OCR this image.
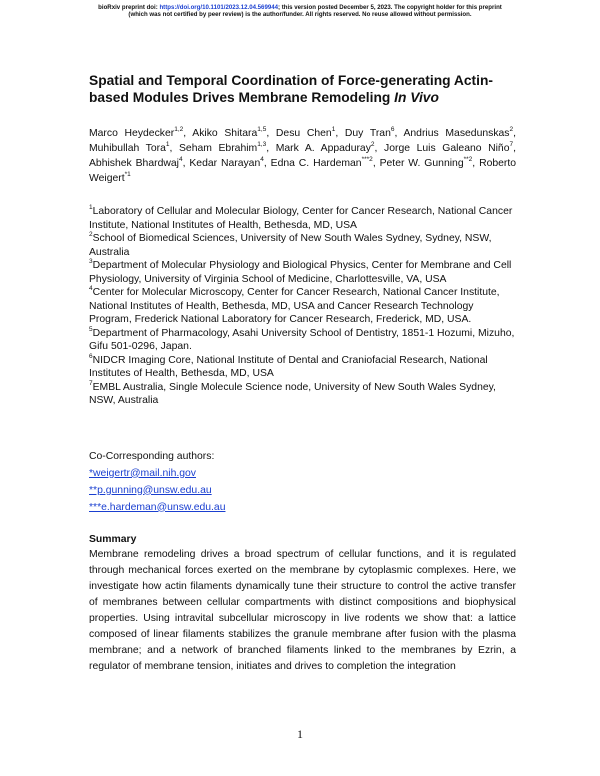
bioRxiv preprint doi: https://doi.org/10.1101/2023.12.04.569944; this version posted December 5, 2023. The copyright holder for this preprint
(which was not certified by peer review) is the author/funder. All rights reserved. No reuse allowed without permission.
Spatial and Temporal Coordination of Force-generating Actin-based Modules Drives Membrane Remodeling In Vivo
Marco Heydecker$^{1,2}$, Akiko Shitara$^{1,5}$, Desu Chen$^1$, Duy Tran$^6$, Andrius Masedunskas$^2$, Muhibullah Tora$^1$, Seham Ebrahim$^{1,3}$, Mark A. Appaduray$^2$, Jorge Luis Galeano Niño$^7$, Abhishek Bhardwaj$^4$, Kedar Narayan$^4$, Edna C. Hardeman$^{***2}$, Peter W. Gunning$^{**2}$, Roberto Weigert$^{*1}$

$^1$Laboratory of Cellular and Molecular Biology, Center for Cancer Research, National Cancer Institute, National Institutes of Health, Bethesda, MD, USA

$^2$School of Biomedical Sciences, University of New South Wales Sydney, Sydney, NSW, Australia

$^3$Department of Molecular Physiology and Biological Physics, Center for Membrane and Cell Physiology, University of Virginia School of Medicine, Charlottesville, VA, USA

$^4$Center for Molecular Microscopy, Center for Cancer Research, National Cancer Institute, National Institutes of Health, Bethesda, MD, USA and Cancer Research Technology Program, Frederick National Laboratory for Cancer Research, Frederick, MD, USA.

$^5$Department of Pharmacology, Asahi University School of Dentistry, 1851-1 Hozumi, Mizuho, Gifu 501-0296, Japan.

$^6$NIDCR Imaging Core, National Institute of Dental and Craniofacial Research, National Institutes of Health, Bethesda, MD, USA

$^7$EMBL Australia, Single Molecule Science node, University of New South Wales Sydney, NSW, Australia

Co-Corresponding authors:
*weigertr@mail.nih.gov
**p.gunning@unsw.edu.au
***e.hardeman@unsw.edu.au
Summary

Membrane remodeling drives a broad spectrum of cellular functions, and it is regulated through mechanical forces exerted on the membrane by cytoplasmic complexes. Here, we investigate how actin filaments dynamically tune their structure to control the active transfer of membranes between cellular compartments with distinct compositions and biophysical properties. Using intravital subcellular microscopy in live rodents we show that: a lattice composed of linear filaments stabilizes the granule membrane after fusion with the plasma membrane; and a network of branched filaments linked to the membranes by Ezrin, a regulator of membrane tension, initiates and drives to completion the integration

1
